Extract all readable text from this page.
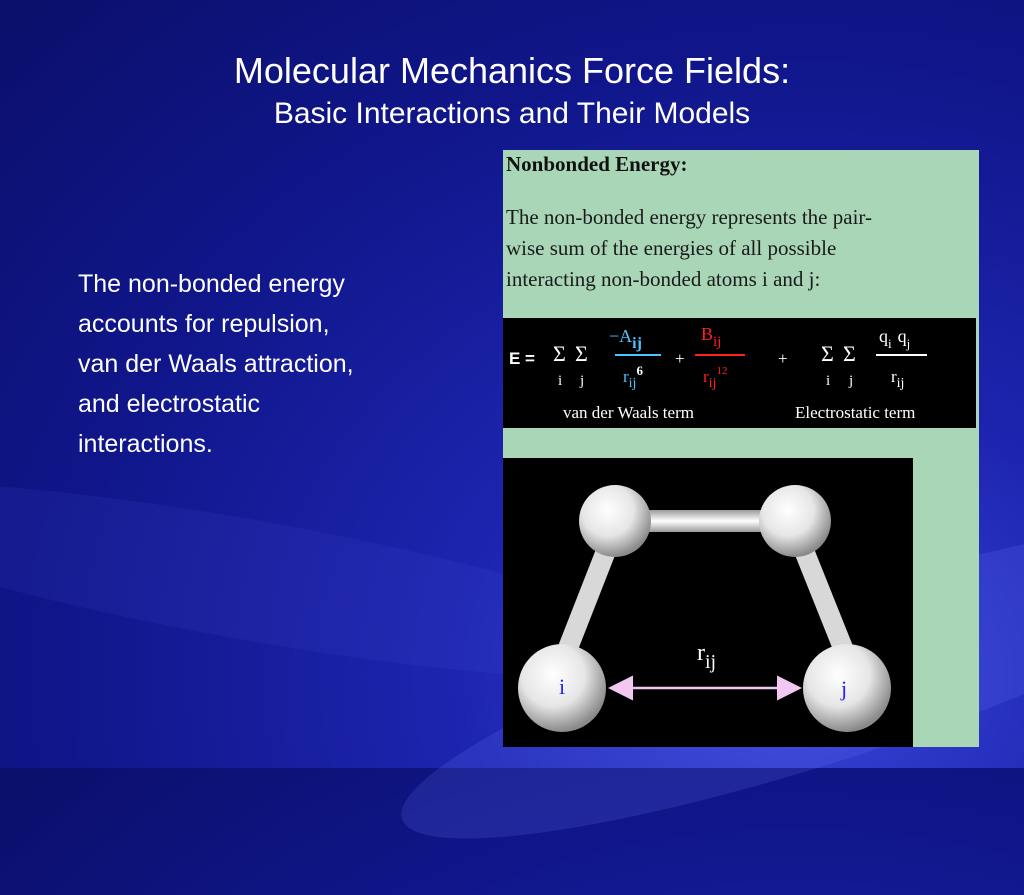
Molecular Mechanics Force Fields:
Basic Interactions and Their Models
The non-bonded energy
accounts for repulsion,
van der Waals attraction,
and electrostatic
interactions.
Nonbonded Energy:
The non-bonded energy represents the pair-
wise sum of the energies of all possible
interacting non-bonded atoms i and j:
E = Σ Σ
i j
−Aij
$r_{ij}^6$
+
$B_{ij}$
$r_{ij}^{12}$
+ Σ Σ
i j
$q_i$ $q_j$
$r_{ij}$
van der Waals term	Electrostatic term
i	j
$r_{ij}$
